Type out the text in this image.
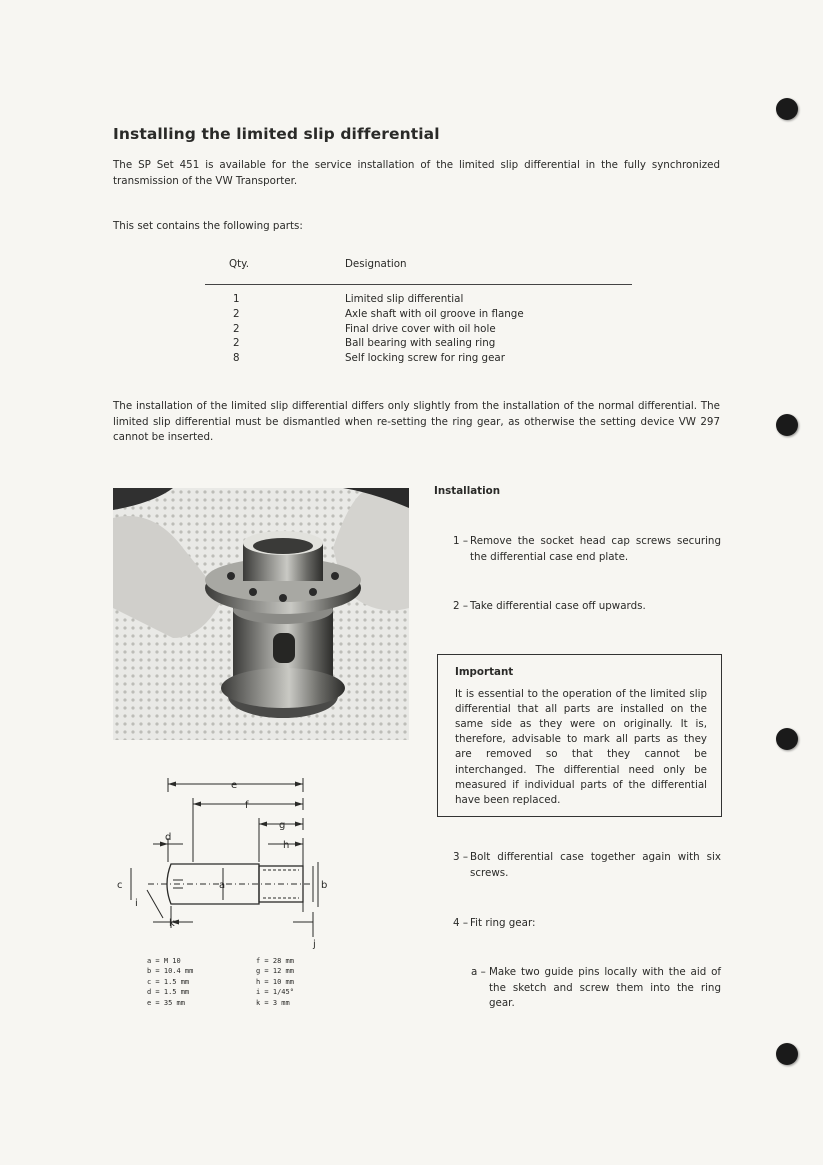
Installing the limited slip differential

The SP Set 451 is available for the service installation of the limited slip differential in the fully synchronized transmission of the VW Transporter.

This set contains the following parts:

Qty.	Designation
1	Limited slip differential
2	Axle shaft with oil groove in flange
2	Final drive cover with oil hole
2	Ball bearing with sealing ring
8	Self locking screw for ring gear

The installation of the limited slip differential differs only slightly from the installation of the normal differential. The limited slip differential must be dismantled when re-setting the ring gear, as otherwise the setting device VW 297 cannot be inserted.

e
f
g
h
d
a	b
c
i
k
j
a = M 10
b = 10.4 mm
c = 1.5 mm
d = 1.5 mm
e = 35 mm
f = 28 mm
g = 12 mm
h = 10 mm
i = 1/45°
k = 3 mm
Installation
1 – Remove the socket head cap screws securing the differential case end plate.
2 – Take differential case off upwards.
Important
It is essential to the operation of the limited slip differential that all parts are installed on the same side as they were on originally. It is, therefore, advisable to mark all parts as they are removed so that they cannot be interchanged. The differential need only be measured if individual parts of the differential have been replaced.
3 – Bolt differential case together again with six screws.
4 – Fit ring gear:
a – Make two guide pins locally with the aid of the sketch and screw them into the ring gear.
